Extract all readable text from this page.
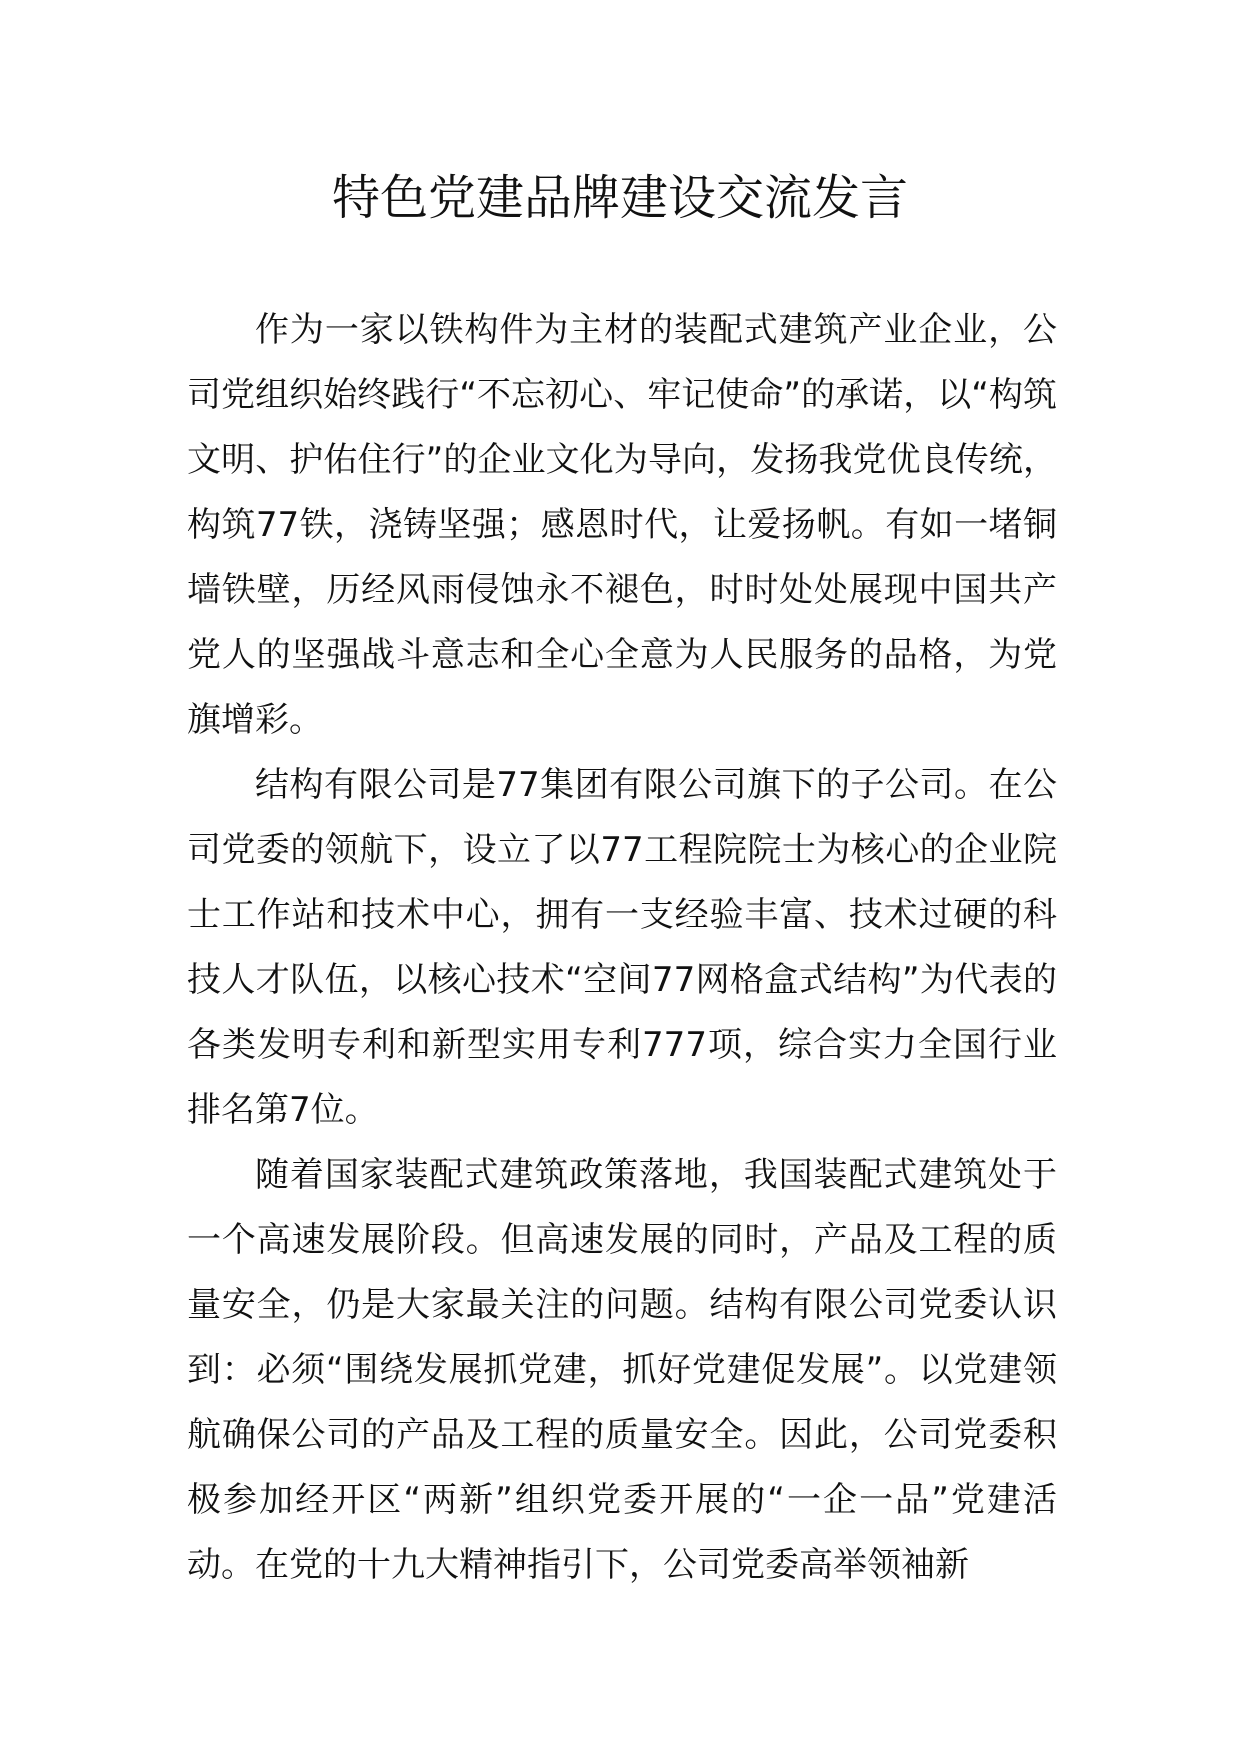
特色党建品牌建设交流发言

作为一家以铁构件为主材的装配式建筑产业企业，公司党组织始终践行“不忘初心、牢记使命”的承诺，以“构筑文明、护佑住行”的企业文化为导向，发扬我党优良传统，构筑77铁，浇铸坚强；感恩时代，让爱扬帆。有如一堵铜墙铁壁，历经风雨侵蚀永不褪色，时时处处展现中国共产党人的坚强战斗意志和全心全意为人民服务的品格，为党旗增彩。

结构有限公司是77集团有限公司旗下的子公司。在公司党委的领航下，设立了以77工程院院士为核心的企业院士工作站和技术中心，拥有一支经验丰富、技术过硬的科技人才队伍，以核心技术“空间77网格盒式结构”为代表的各类发明专利和新型实用专利777项，综合实力全国行业排名第7位。

随着国家装配式建筑政策落地，我国装配式建筑处于一个高速发展阶段。但高速发展的同时，产品及工程的质量安全，仍是大家最关注的问题。结构有限公司党委认识到：必须“围绕发展抓党建，抓好党建促发展”。以党建领航确保公司的产品及工程的质量安全。因此，公司党委积极参加经开区“两新”组织党委开展的“一企一品”党建活动。在党的十九大精神指引下，公司党委高举领袖新
